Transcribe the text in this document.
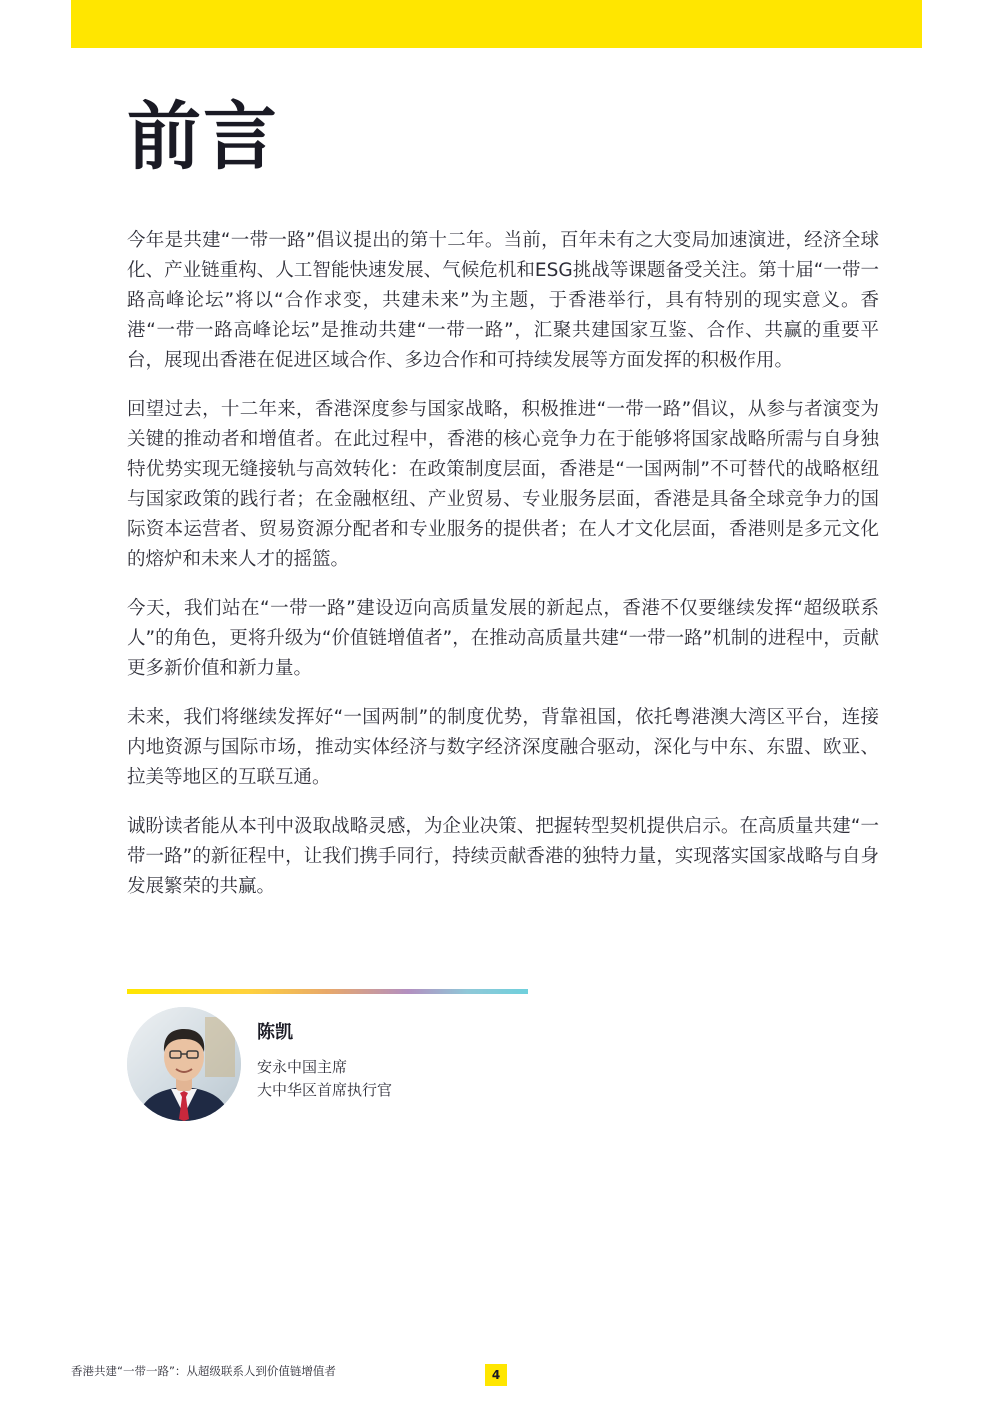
前言

今年是共建“一带一路”倡议提出的第十二年。当前，百年未有之大变局加速演进，经济全球化、产业链重构、人工智能快速发展、气候危机和ESG挑战等课题备受关注。第十届“一带一路高峰论坛”将以“合作求变，共建未来”为主题，于香港举行，具有特别的现实意义。香港“一带一路高峰论坛”是推动共建“一带一路”，汇聚共建国家互鉴、合作、共赢的重要平台，展现出香港在促进区域合作、多边合作和可持续发展等方面发挥的积极作用。

回望过去，十二年来，香港深度参与国家战略，积极推进“一带一路”倡议，从参与者演变为关键的推动者和增值者。在此过程中，香港的核心竞争力在于能够将国家战略所需与自身独特优势实现无缝接轨与高效转化：在政策制度层面，香港是“一国两制”不可替代的战略枢纽与国家政策的践行者；在金融枢纽、产业贸易、专业服务层面，香港是具备全球竞争力的国际资本运营者、贸易资源分配者和专业服务的提供者；在人才文化层面，香港则是多元文化的熔炉和未来人才的摇篮。

今天，我们站在“一带一路”建设迈向高质量发展的新起点，香港不仅要继续发挥“超级联系人”的角色，更将升级为“价值链增值者”，在推动高质量共建“一带一路”机制的进程中，贡献更多新价值和新力量。

未来，我们将继续发挥好“一国两制”的制度优势，背靠祖国，依托粤港澳大湾区平台，连接内地资源与国际市场，推动实体经济与数字经济深度融合驱动，深化与中东、东盟、欧亚、拉美等地区的互联互通。

诚盼读者能从本刊中汲取战略灵感，为企业决策、把握转型契机提供启示。在高质量共建“一带一路”的新征程中，让我们携手同行，持续贡献香港的独特力量，实现落实国家战略与自身发展繁荣的共赢。

陈凯
安永中国主席
大中华区首席执行官
香港共建“一带一路”：从超级联系人到价值链增值者	4
